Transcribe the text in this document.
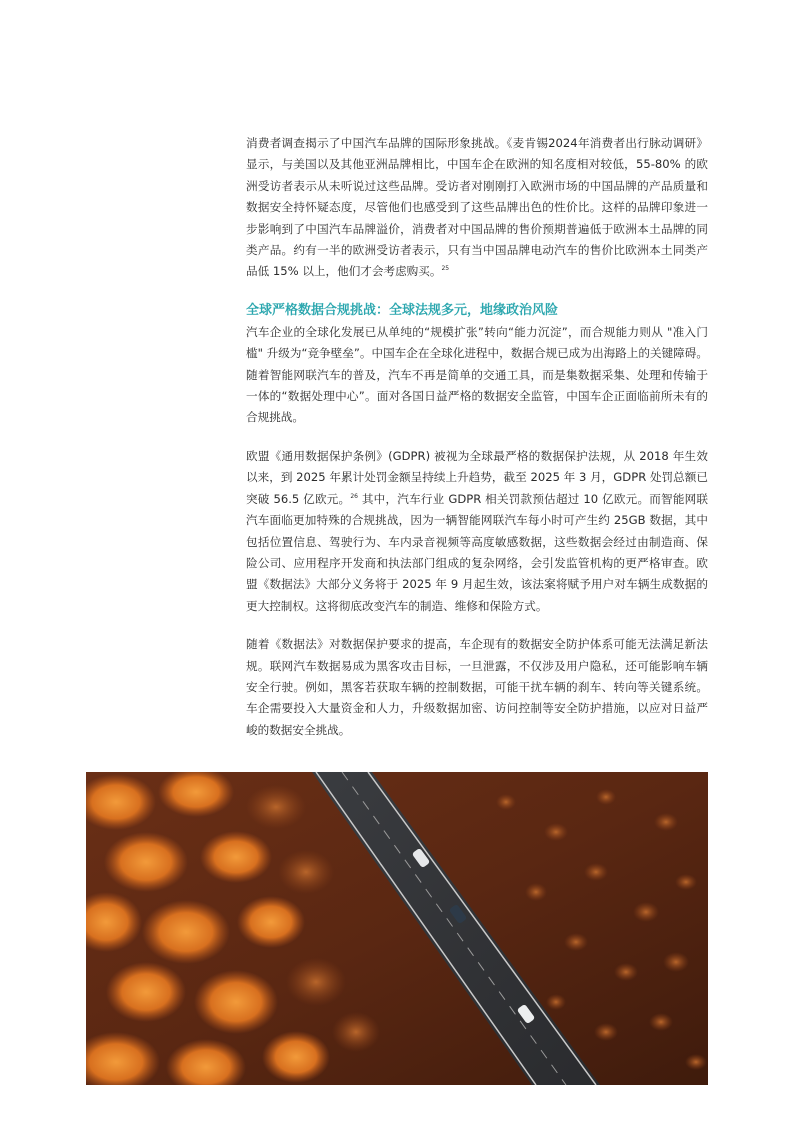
消费者调查揭示了中国汽车品牌的国际形象挑战。《麦肯锡2024年消费者出行脉动调研》显示，与美国以及其他亚洲品牌相比，中国车企在欧洲的知名度相对较低，55-80% 的欧洲受访者表示从未听说过这些品牌。受访者对刚刚打入欧洲市场的中国品牌的产品质量和数据安全持怀疑态度，尽管他们也感受到了这些品牌出色的性价比。这样的品牌印象进一步影响到了中国汽车品牌溢价，消费者对中国品牌的售价预期普遍低于欧洲本土品牌的同类产品。约有一半的欧洲受访者表示，只有当中国品牌电动汽车的售价比欧洲本土同类产品低 15% 以上，他们才会考虑购买。$^{25}$

全球严格数据合规挑战：全球法规多元，地缘政治风险

汽车企业的全球化发展已从单纯的“规模扩张”转向“能力沉淀”，而合规能力则从 "准入门槛" 升级为“竞争壁垒”。中国车企在全球化进程中，数据合规已成为出海路上的关键障碍。随着智能网联汽车的普及，汽车不再是简单的交通工具，而是集数据采集、处理和传输于一体的“数据处理中心”。面对各国日益严格的数据安全监管，中国车企正面临前所未有的合规挑战。

欧盟《通用数据保护条例》(GDPR) 被视为全球最严格的数据保护法规，从 2018 年生效以来，到 2025 年累计处罚金额呈持续上升趋势，截至 2025 年 3 月，GDPR 处罚总额已突破 56.5 亿欧元。$^{26}$ 其中，汽车行业 GDPR 相关罚款预估超过 10 亿欧元。而智能网联汽车面临更加特殊的合规挑战，因为一辆智能网联汽车每小时可产生约 25GB 数据，其中包括位置信息、驾驶行为、车内录音视频等高度敏感数据，这些数据会经过由制造商、保险公司、应用程序开发商和执法部门组成的复杂网络，会引发监管机构的更严格审查。欧盟《数据法》大部分义务将于 2025 年 9 月起生效，该法案将赋予用户对车辆生成数据的更大控制权。这将彻底改变汽车的制造、维修和保险方式。

随着《数据法》对数据保护要求的提高，车企现有的数据安全防护体系可能无法满足新法规。联网汽车数据易成为黑客攻击目标，一旦泄露，不仅涉及用户隐私，还可能影响车辆安全行驶。例如，黑客若获取车辆的控制数据，可能干扰车辆的刹车、转向等关键系统。车企需要投入大量资金和人力，升级数据加密、访问控制等安全防护措施，以应对日益严峻的数据安全挑战。
